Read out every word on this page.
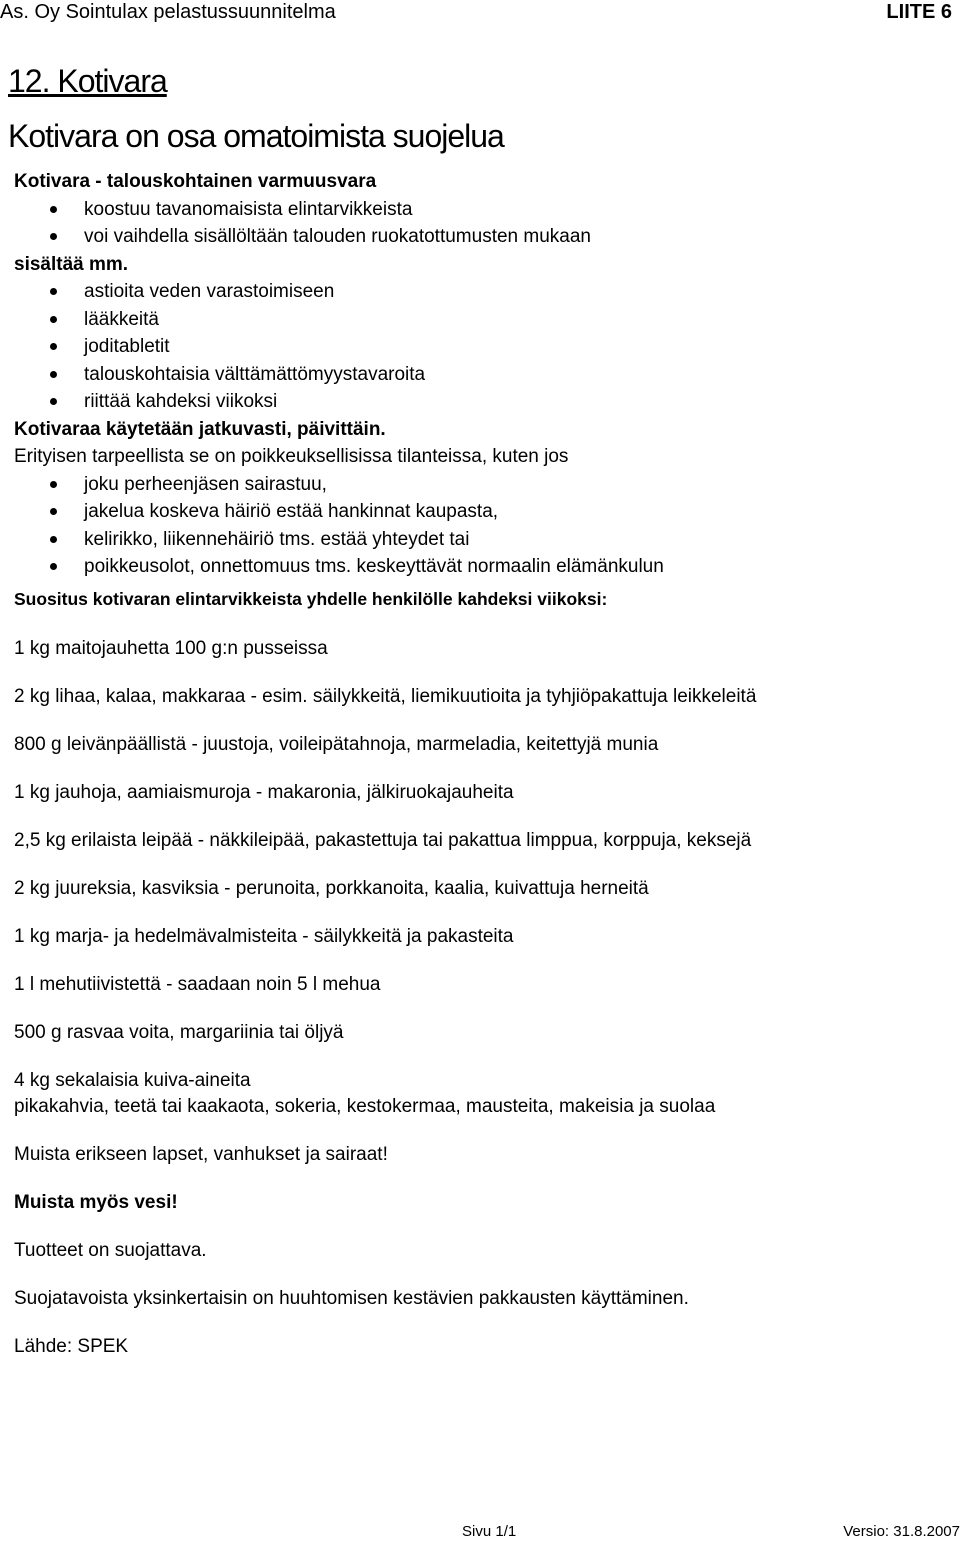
As. Oy Sointulax pelastussuunnitelma	LIITE 6
12. Kotivara
Kotivara on osa omatoimista suojelua
Kotivara - talouskohtainen varmuusvara
koostuu tavanomaisista elintarvikkeista
voi vaihdella sisällöltään talouden ruokatottumusten mukaan
sisältää mm.
astioita veden varastoimiseen
lääkkeitä
joditabletit
talouskohtaisia välttämättömyystavaroita
riittää kahdeksi viikoksi
Kotivaraa käytetään jatkuvasti, päivittäin.
Erityisen tarpeellista se on poikkeuksellisissa tilanteissa, kuten jos
joku perheenjäsen sairastuu,
jakelua koskeva häiriö estää hankinnat kaupasta,
kelirikko, liikennehäiriö tms. estää yhteydet tai
poikkeusolot, onnettomuus tms. keskeyttävät normaalin elämänkulun
Suositus kotivaran elintarvikkeista yhdelle henkilölle kahdeksi viikoksi:
1 kg maitojauhetta 100 g:n pusseissa
2 kg lihaa, kalaa, makkaraa - esim. säilykkeitä, liemikuutioita ja tyhjiöpakattuja leikkeleitä
800 g leivänpäällistä - juustoja, voileipätahnoja, marmeladia, keitettyjä munia
1 kg jauhoja, aamiaismuroja - makaronia, jälkiruokajauheita
2,5 kg erilaista leipää - näkkileipää, pakastettuja tai pakattua limppua, korppuja, keksejä
2 kg juureksia, kasviksia - perunoita, porkkanoita, kaalia, kuivattuja herneitä
1 kg marja- ja hedelmävalmisteita - säilykkeitä ja pakasteita
1 l mehutiivistettä - saadaan noin 5 l mehua
500 g rasvaa voita, margariinia tai öljyä
4 kg sekalaisia kuiva-aineita
pikakahvia, teetä tai kaakaota, sokeria, kestokermaa, mausteita, makeisia ja suolaa
Muista erikseen lapset, vanhukset ja sairaat!
Muista myös vesi!
Tuotteet on suojattava.
Suojatavoista yksinkertaisin on huuhtomisen kestävien pakkausten käyttäminen.
Lähde: SPEK
Sivu 1/1	Versio: 31.8.2007
